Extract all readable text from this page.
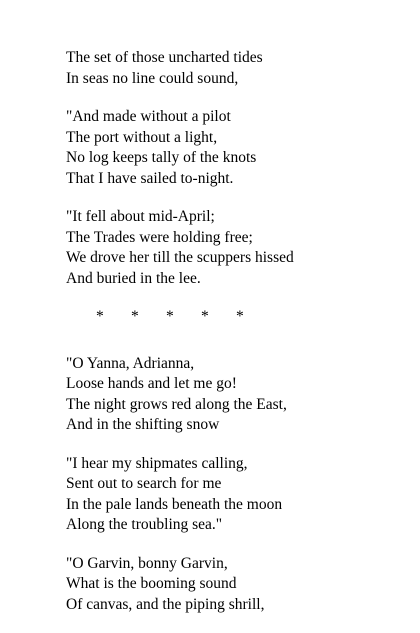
The set of those uncharted tides
In seas no line could sound,
"And made without a pilot
The port without a light,
No log keeps tally of the knots
That I have sailed to-night.
"It fell about mid-April;
The Trades were holding free;
We drove her till the scuppers hissed
And buried in the lee.
*	*	*	*	*
"O Yanna, Adrianna,
Loose hands and let me go!
The night grows red along the East,
And in the shifting snow
"I hear my shipmates calling,
Sent out to search for me
In the pale lands beneath the moon
Along the troubling sea."
"O Garvin, bonny Garvin,
What is the booming sound
Of canvas, and the piping shrill,
